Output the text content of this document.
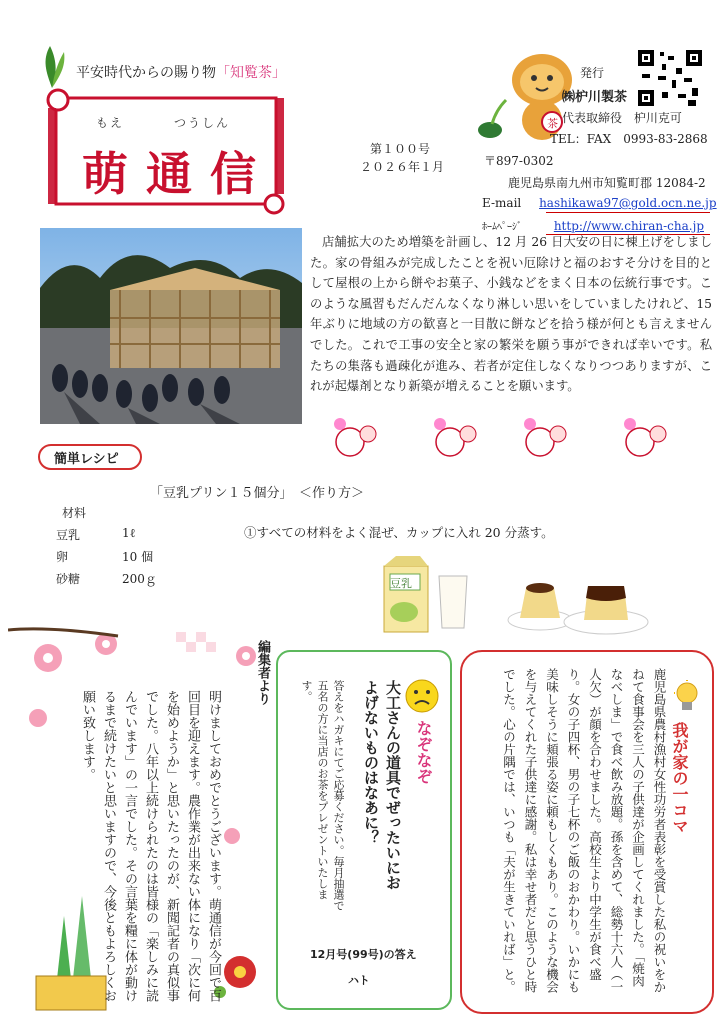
平安時代からの賜り物「知覧茶」
もえ	つうしん
萌通信	第１００号
２０２６年１月
茶
発行
㈱枦川製茶
代表取締役 枦川克可
TEL：FAX　0993-83-2868
〒897-0302
鹿児島県南九州市知覧町郡 12084-2
E-mail hashikawa97@gold.ocn.ne.jp
ﾎｰﾑﾍﾟｰｼﾞ	http://www.chiran-cha.jp
店舗拡大のため増築を計画し、12 月 26 日大安の日に棟上げをしました。家の骨組みが完成したことを祝い厄除けと福のおすそ分けを目的として屋根の上から餅やお菓子、小銭などをまく日本の伝統行事です。このような風習もだんだんなくなり淋しい思いをしていましたけれど、15 年ぶりに地域の方の歓喜と一目散に餅などを拾う様が何とも言えませんでした。これで工事の安全と家の繁栄を願う事ができれば幸いです。私たちの集落も過疎化が進み、若者が定住しなくなりつつありますが、これが起爆剤となり新築が増えることを願います。
簡単レシピ
「豆乳プリン１５個分」　＜作り方＞
材料
豆乳	1ℓ
卵	10 個
砂糖	200ｇ
①すべての材料をよく混ぜ、カップに入れ 20 分蒸す。
豆乳
編集者より
明けましておめでとうございます。萌通信が今回で百回目を迎えます。農作業が出来ない体になり「次に何を始めようか」と思いたったのが、新聞記者の真似事でした。八年以上続けられたのは皆様の「楽しみに読んでいます」の一言でした。その言葉を糧に体が動けるまで続けたいと思いますので、今後ともよろしくお願い致します。	なぞなぞ
大工さんの道具でぜったいにおよげないものはなあに？
答えをハガキにてご応募ください。毎月抽選で五名の方に当店のお茶をプレゼントいたします。
12月号(99号)の答え
ハト
我が家の一コマ
鹿児島県農村漁村女性功労者表彰を受賞した私の祝いをかねて食事会を三人の子供達が企画してくれました。「焼肉なべしま」で食べ飲み放題。孫を含めて、総勢十六人（一人欠）が顔を合わせました。高校生より中学生が食べ盛り。女の子四杯、男の子七杯のご飯のおかわり。いかにも美味しそうに頬張る姿に頼もしくもあり。このような機会を与えてくれた子供達に感謝。私は幸せ者だと思うひと時でした。心の片隅では、いつも「夫が生きていれば」と。
